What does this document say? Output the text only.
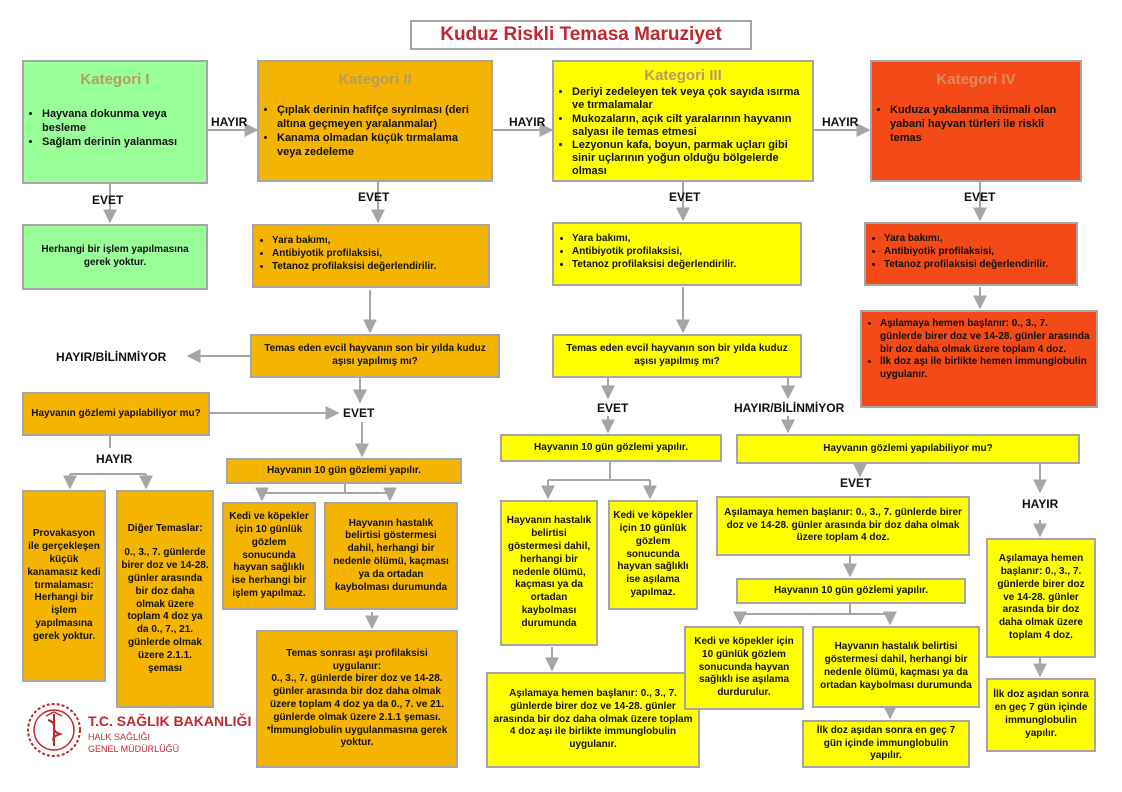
Kuduz Riskli Temasa Maruziyet
Kategori I
• Hayvana dokunma veya besleme
• Sağlam derinin yalanması
Herhangi bir işlem yapılmasına gerek yoktur.
Kategori II
• Çıplak derinin hafifçe sıyrılması (deri altına geçmeyen yaralanmalar)
• Kanama olmadan küçük tırmalama veya zedeleme
• Yara bakımı,
• Antibiyotik profilaksisi,
• Tetanoz profilaksisi değerlendirilir.
Temas eden evcil hayvanın son bir yılda kuduz aşısı yapılmış mı?
Hayvanın gözlemi yapılabiliyor mu?
Provakasyon ile gerçekleşen küçük kanamasız kedi tırmalaması: Herhangi bir işlem yapılmasına gerek yoktur.
Diğer Temaslar:
0., 3., 7. günlerde birer doz ve 14-28. günler arasında bir doz daha olmak üzere toplam 4 doz ya da 0., 7., 21. günlerde olmak üzere 2.1.1. şeması
Hayvanın 10 gün gözlemi yapılır.
Kedi ve köpekler için 10 günlük gözlem sonucunda hayvan sağlıklı ise herhangi bir işlem yapılmaz.
Hayvanın hastalık belirtisi göstermesi dahil, herhangi bir nedenle ölümü, kaçması ya da ortadan kaybolması durumunda
Temas sonrası aşı profilaksisi uygulanır:
0., 3., 7. günlerde birer doz ve 14-28. günler arasında bir doz daha olmak üzere toplam 4 doz ya da 0., 7. ve 21. günlerde olmak üzere 2.1.1 şeması.
*İmmunglobulin uygulanmasına gerek yoktur.
Kategori III
• Deriyi zedeleyen tek veya çok sayıda ısırma ve tırmalamalar
• Mukozaların, açık cilt yaralarının hayvanın salyası ile temas etmesi
• Lezyonun kafa, boyun, parmak uçları gibi sinir uçlarının yoğun olduğu bölgelerde olması
• Yara bakımı,
• Antibiyotik profilaksisi,
• Tetanoz profilaksisi değerlendirilir.
Temas eden evcil hayvanın son bir yılda kuduz aşısı yapılmış mı?
Hayvanın 10 gün gözlemi yapılır.
Hayvanın hastalık belirtisi göstermesi dahil, herhangi bir nedenle ölümü, kaçması ya da ortadan kaybolması durumunda
Kedi ve köpekler için 10 günlük gözlem sonucunda hayvan sağlıklı ise aşılama yapılmaz.
Aşılamaya hemen başlanır: 0., 3., 7. günlerde birer doz ve 14-28. günler arasında bir doz daha olmak üzere toplam 4 doz aşı ile birlikte immunglobulin uygulanır.
Hayvanın gözlemi yapılabiliyor mu?
Aşılamaya hemen başlanır: 0., 3., 7. günlerde birer doz ve 14-28. günler arasında bir doz daha olmak üzere toplam 4 doz.
Hayvanın 10 gün gözlemi yapılır.
Kedi ve köpekler için 10 günlük gözlem sonucunda hayvan sağlıklı ise aşılama durdurulur.
Hayvanın hastalık belirtisi göstermesi dahil, herhangi bir nedenle ölümü, kaçması ya da ortadan kaybolması durumunda
İlk doz aşıdan sonra en geç 7 gün içinde immunglobulin yapılır.
Aşılamaya hemen başlanır: 0., 3., 7. günlerde birer doz ve 14-28. günler arasında bir doz daha olmak üzere toplam 4 doz.
İlk doz aşıdan sonra en geç 7 gün içinde immunglobulin yapılır.
Kategori IV
• Kuduza yakalanma ihtimali olan yabani hayvan türleri ile riskli temas
• Yara bakımı,
• Antibiyotik profilaksisi,
• Tetanoz profilaksisi değerlendirilir.
• Aşılamaya hemen başlanır: 0., 3., 7. günlerde birer doz ve 14-28. günler arasında bir doz daha olmak üzere toplam 4 doz.
• İlk doz aşı ile birlikte hemen immunglobulin uygulanır.
HAYIR	HAYIR	HAYIR
EVET	EVET	EVET	EVET
HAYIR/BİLİNMİYOR
EVET
HAYIR
EVET	HAYIR/BİLİNMİYOR
EVET
HAYIR
T.C. SAĞLIK BAKANLIĞI
HALK SAĞLIĞI
GENEL MÜDÜRLÜĞÜ
